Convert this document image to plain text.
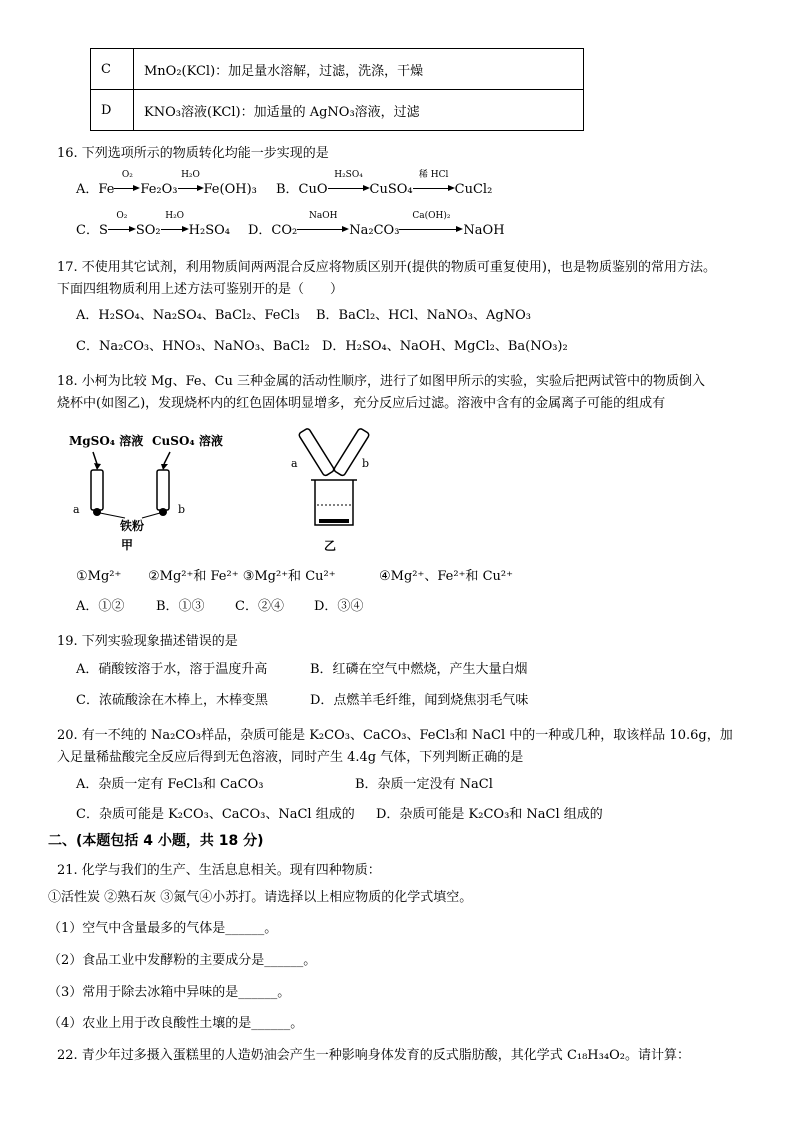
C	MnO₂(KCl)：加足量水溶解，过滤，洗涤，干燥
D	KNO₃溶液(KCl)：加适量的 AgNO₃溶液，过滤
16. 下列选项所示的物质转化均能一步实现的是
A．Fe
O₂
Fe₂O₃
H₂O
Fe(OH)₃ B．CuO
H₂SO₄
CuSO₄
稀 HCl
CuCl₂
C．S
O₂
SO₂
H₂O
H₂SO₄ D．CO₂
NaOH
Na₂CO₃
Ca(OH)₂
NaOH
17. 不使用其它试剂，利用物质间两两混合反应将物质区别开(提供的物质可重复使用)，也是物质鉴别的常用方法。
下面四组物质利用上述方法可鉴别开的是（　　）
A．H₂SO₄、Na₂SO₄、BaCl₂、FeCl₃ B．BaCl₂、HCl、NaNO₃、AgNO₃
C．Na₂CO₃、HNO₃、NaNO₃、BaCl₂ D．H₂SO₄、NaOH、MgCl₂、Ba(NO₃)₂
18. 小柯为比较 Mg、Fe、Cu 三种金属的活动性顺序，进行了如图甲所示的实验，实验后把两试管中的物质倒入
烧杯中(如图乙)，发现烧杯内的红色固体明显增多，充分反应后过滤。溶液中含有的金属离子可能的组成有
MgSO₄ 溶液 CuSO₄ 溶液
a	b
铁粉
甲
a	b
乙
①Mg²⁺ ②Mg²⁺和 Fe²⁺ ③Mg²⁺和 Cu²⁺	④Mg²⁺、Fe²⁺和 Cu²⁺
A．①② B．①③ C．②④ D．③④
19. 下列实验现象描述错误的是
A．硝酸铵溶于水，溶于温度升高	B．红磷在空气中燃烧，产生大量白烟
C．浓硫酸涂在木棒上，木棒变黑	D．点燃羊毛纤维，闻到烧焦羽毛气味
20. 有一不纯的 Na₂CO₃样品，杂质可能是 K₂CO₃、CaCO₃、FeCl₃和 NaCl 中的一种或几种，取该样品 10.6g，加
入足量稀盐酸完全反应后得到无色溶液，同时产生 4.4g 气体，下列判断正确的是
A．杂质一定有 FeCl₃和 CaCO₃	B．杂质一定没有 NaCl
C．杂质可能是 K₂CO₃、CaCO₃、NaCl 组成的 D．杂质可能是 K₂CO₃和 NaCl 组成的
二、(本题包括 4 小题，共 18 分)
21. 化学与我们的生产、生活息息相关。现有四种物质：
①活性炭 ②熟石灰 ③氮气④小苏打。请选择以上相应物质的化学式填空。
（1）空气中含量最多的气体是______。
（2）食品工业中发酵粉的主要成分是______。
（3）常用于除去冰箱中异味的是______。
（4）农业上用于改良酸性土壤的是______。
22. 青少年过多摄入蛋糕里的人造奶油会产生一种影响身体发育的反式脂肪酸，其化学式 C₁₈H₃₄O₂。请计算：
